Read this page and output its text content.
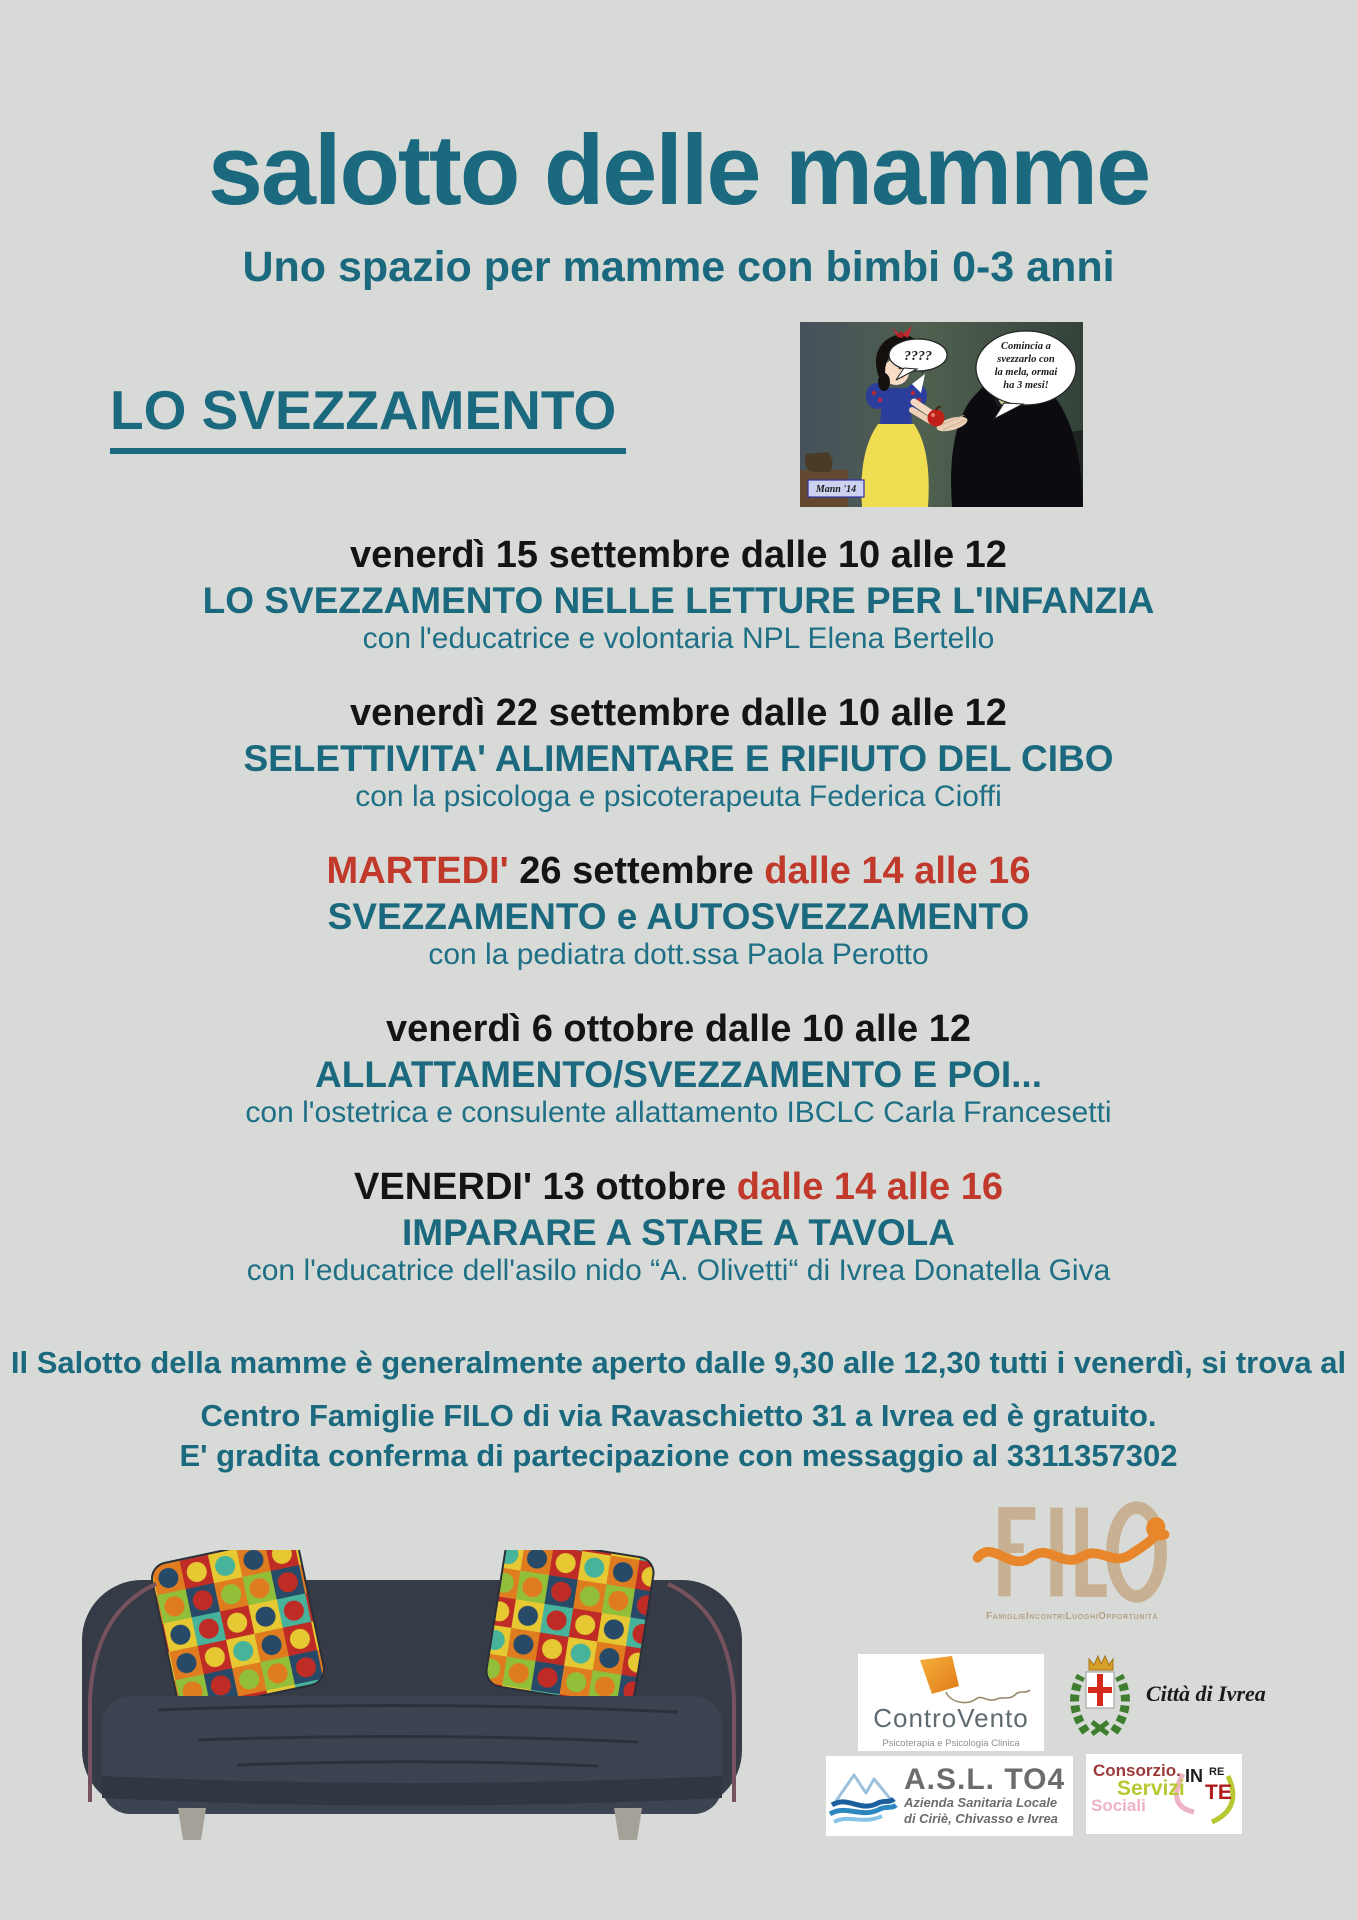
salotto delle mamme
Uno spazio per mamme con bimbi 0-3 anni
LO SVEZZAMENTO
????
Comincia a
svezzarlo con
la mela, ormai
ha 3 mesi!
Mann '14
venerdì 15 settembre dalle 10 alle 12
LO SVEZZAMENTO NELLE LETTURE PER L'INFANZIA
con l'educatrice e volontaria NPL Elena Bertello
venerdì 22 settembre dalle 10 alle 12
SELETTIVITA' ALIMENTARE E RIFIUTO DEL CIBO
con la psicologa e psicoterapeuta Federica Cioffi
MARTEDI' 26 settembre dalle 14 alle 16
SVEZZAMENTO e AUTOSVEZZAMENTO
con la pediatra dott.ssa Paola Perotto
venerdì 6 ottobre dalle 10 alle 12
ALLATTAMENTO/SVEZZAMENTO E POI...
con l'ostetrica e consulente allattamento IBCLC Carla Francesetti
VENERDI' 13 ottobre dalle 14 alle 16
IMPARARE A STARE A TAVOLA
con l'educatrice dell'asilo nido “A. Olivetti“ di Ivrea Donatella Giva
Il Salotto della mamme è generalmente aperto dalle 9,30 alle 12,30 tutti i venerdì, si trova al
Centro Famiglie FILO di via Ravaschietto 31 a Ivrea ed è gratuito.
E' gradita conferma di partecipazione con messaggio al 3311357302
FamiglieIncontriLuoghiOpportunità
ControVento
Psicoterapia e Psicologia Clinica
Città di Ivrea
A.S.L. TO4
Azienda Sanitaria Locale
di Ciriè, Chivasso e Ivrea
Consorzio.
Servizi
Sociali
IN RE
TE
